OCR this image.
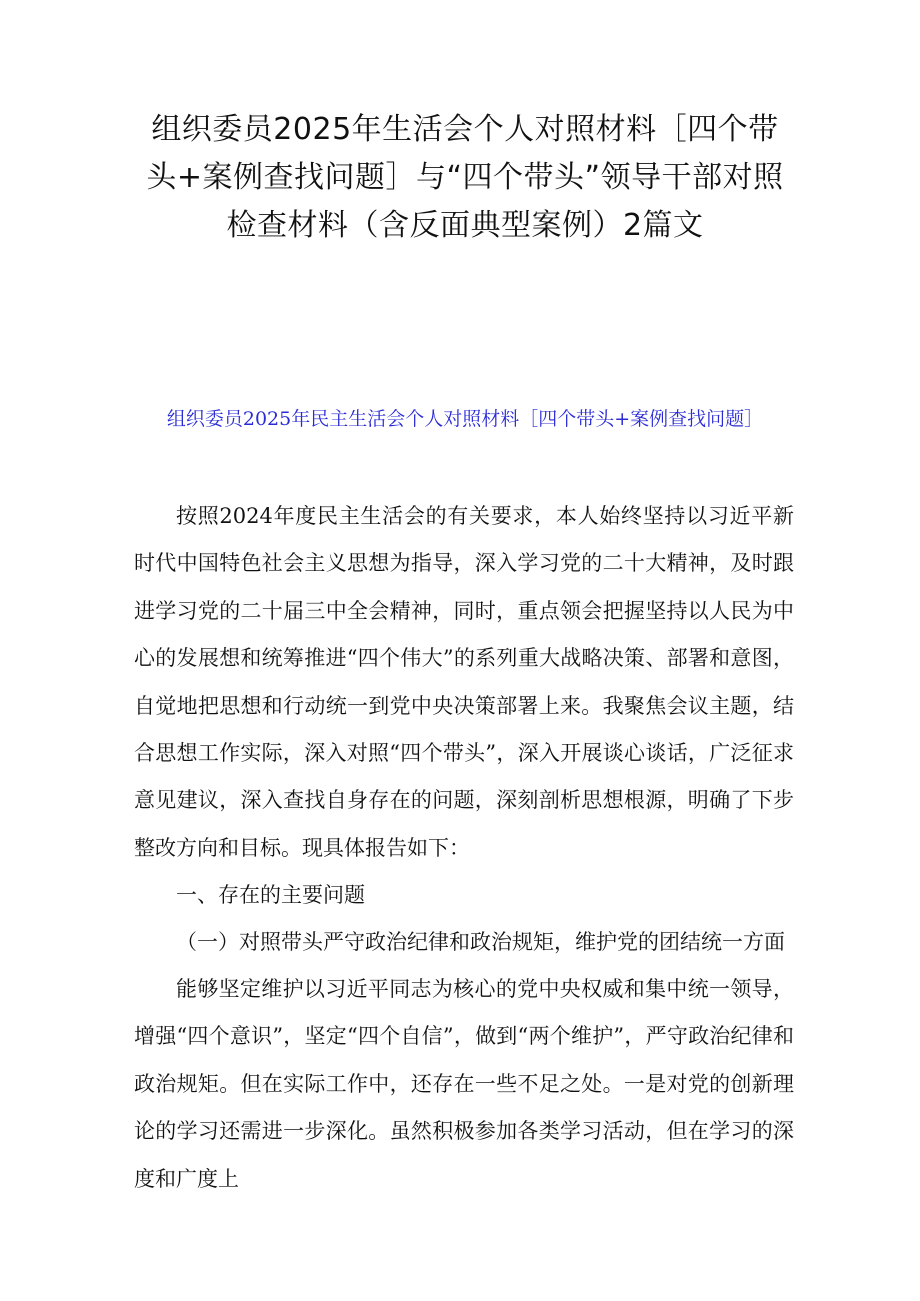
组织委员2025年生活会个人对照材料［四个带头+案例查找问题］与“四个带头”领导干部对照检查材料（含反面典型案例）2篇文
组织委员2025年民主生活会个人对照材料［四个带头+案例查找问题］

按照2024年度民主生活会的有关要求，本人始终坚持以习近平新时代中国特色社会主义思想为指导，深入学习党的二十大精神，及时跟进学习党的二十届三中全会精神，同时，重点领会把握坚持以人民为中心的发展想和统筹推进“四个伟大”的系列重大战略决策、部署和意图，自觉地把思想和行动统一到党中央决策部署上来。我聚焦会议主题，结合思想工作实际，深入对照“四个带头”，深入开展谈心谈话，广泛征求意见建议，深入查找自身存在的问题，深刻剖析思想根源，明确了下步整改方向和目标。现具体报告如下：

一、存在的主要问题

（一）对照带头严守政治纪律和政治规矩，维护党的团结统一方面

能够坚定维护以习近平同志为核心的党中央权威和集中统一领导，增强“四个意识”，坚定“四个自信”，做到“两个维护”，严守政治纪律和政治规矩。但在实际工作中，还存在一些不足之处。一是对党的创新理论的学习还需进一步深化。虽然积极参加各类学习活动，但在学习的深度和广度上
